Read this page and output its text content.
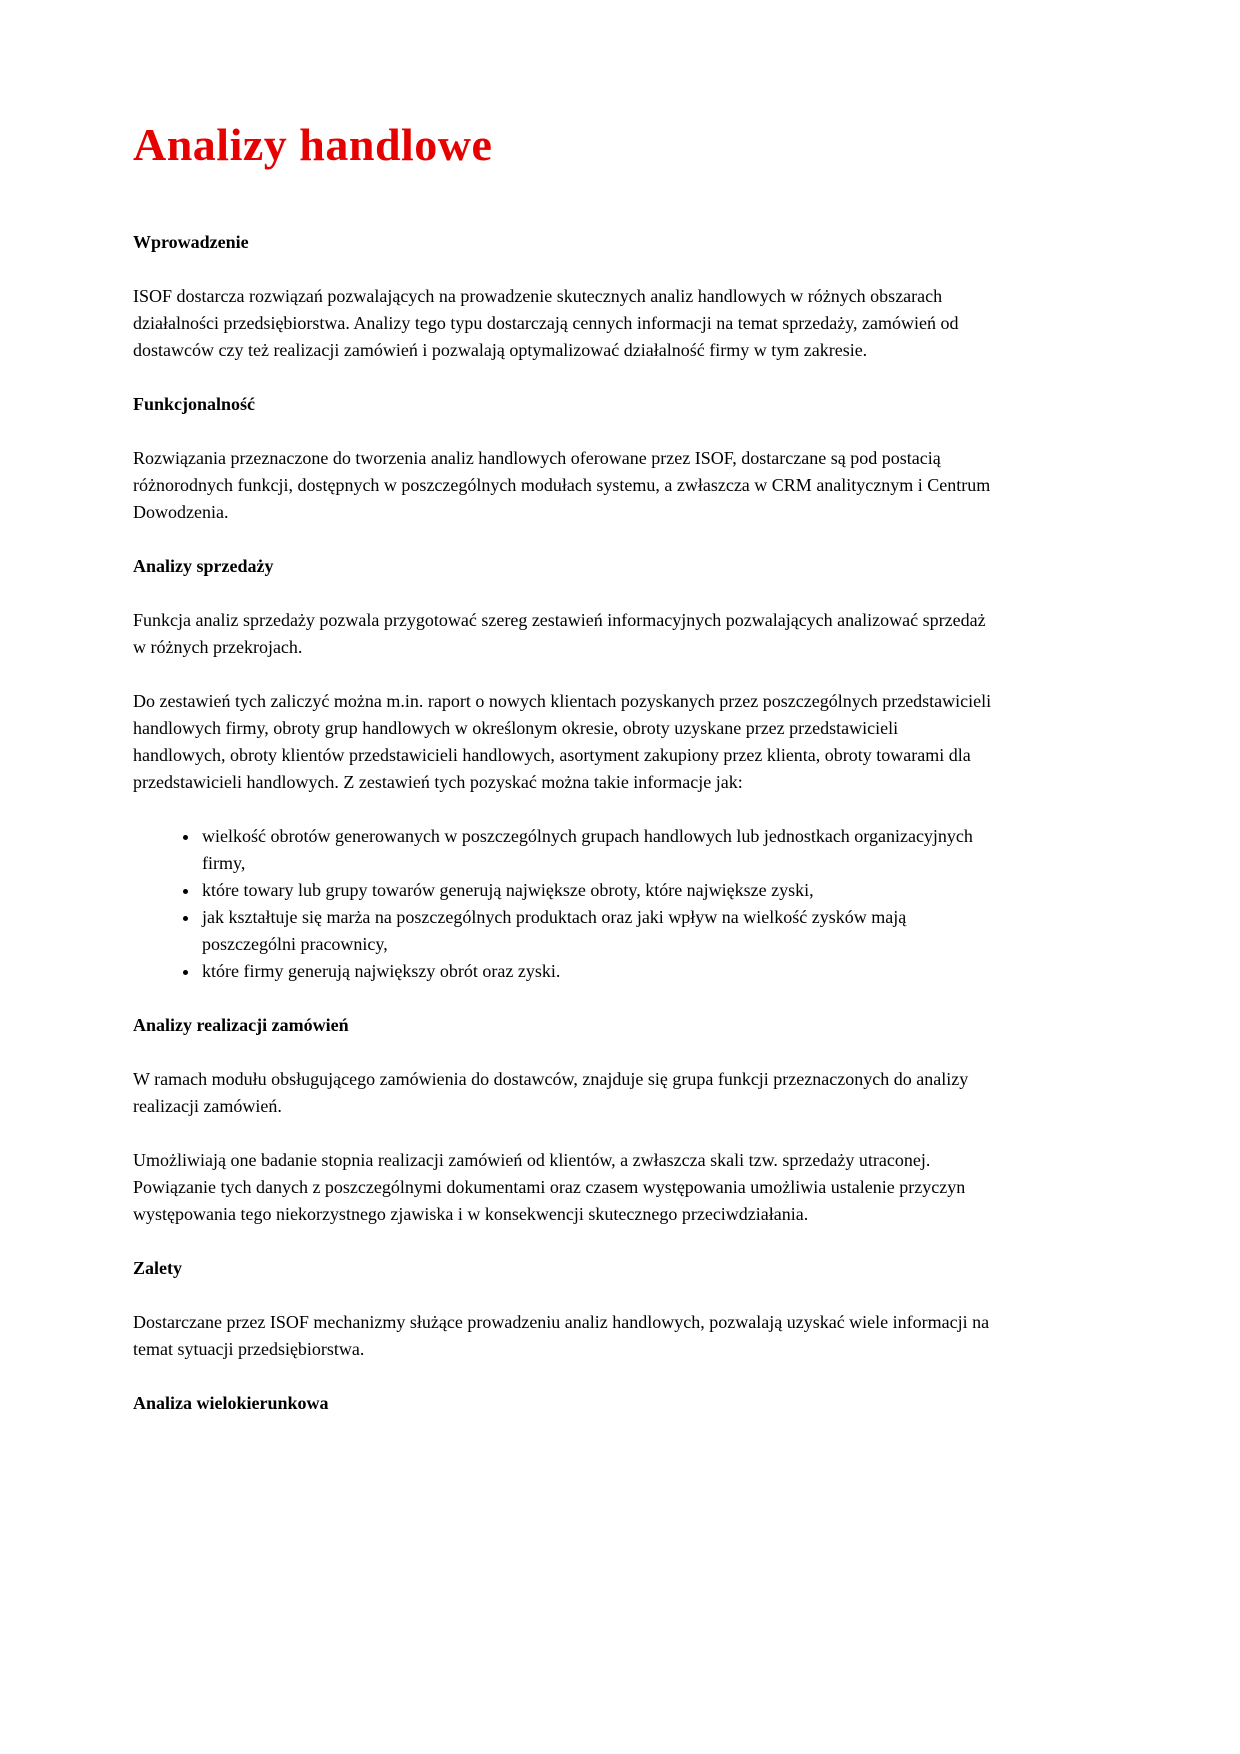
Analizy handlowe
Wprowadzenie

ISOF dostarcza rozwiązań pozwalających na prowadzenie skutecznych analiz handlowych w różnych obszarach działalności przedsiębiorstwa. Analizy tego typu dostarczają cennych informacji na temat sprzedaży, zamówień od dostawców czy też realizacji zamówień i pozwalają optymalizować działalność firmy w tym zakresie.

Funkcjonalność

Rozwiązania przeznaczone do tworzenia analiz handlowych oferowane przez ISOF, dostarczane są pod postacią różnorodnych funkcji, dostępnych w poszczególnych modułach systemu, a zwłaszcza w CRM analitycznym i Centrum Dowodzenia.

Analizy sprzedaży

Funkcja analiz sprzedaży pozwala przygotować szereg zestawień informacyjnych pozwalających analizować sprzedaż w różnych przekrojach.

Do zestawień tych zaliczyć można m.in. raport o nowych klientach pozyskanych przez poszczególnych przedstawicieli handlowych firmy, obroty grup handlowych w określonym okresie, obroty uzyskane przez przedstawicieli handlowych, obroty klientów przedstawicieli handlowych, asortyment zakupiony przez klienta, obroty towarami dla przedstawicieli handlowych. Z zestawień tych pozyskać można takie informacje jak:

• wielkość obrotów generowanych w poszczególnych grupach handlowych lub jednostkach organizacyjnych firmy,
• które towary lub grupy towarów generują największe obroty, które największe zyski,
• jak kształtuje się marża na poszczególnych produktach oraz jaki wpływ na wielkość zysków mają poszczególni pracownicy,
• które firmy generują największy obrót oraz zyski.
Analizy realizacji zamówień

W ramach modułu obsługującego zamówienia do dostawców, znajduje się grupa funkcji przeznaczonych do analizy realizacji zamówień.

Umożliwiają one badanie stopnia realizacji zamówień od klientów, a zwłaszcza skali tzw. sprzedaży utraconej. Powiązanie tych danych z poszczególnymi dokumentami oraz czasem występowania umożliwia ustalenie przyczyn występowania tego niekorzystnego zjawiska i w konsekwencji skutecznego przeciwdziałania.

Zalety

Dostarczane przez ISOF mechanizmy służące prowadzeniu analiz handlowych, pozwalają uzyskać wiele informacji na temat sytuacji przedsiębiorstwa.

Analiza wielokierunkowa
